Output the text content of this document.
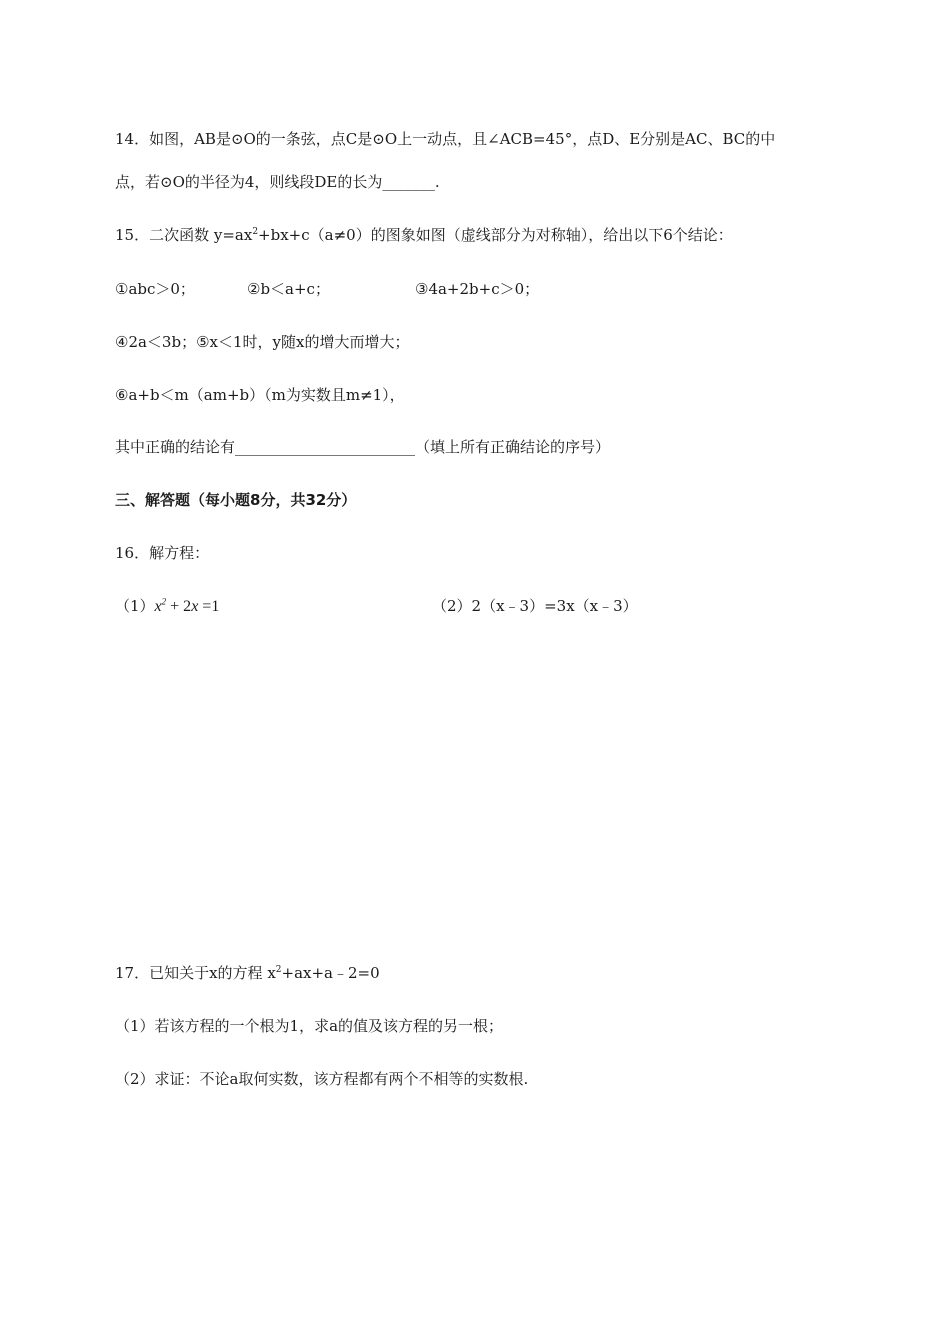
14．如图，AB是⊙O的一条弦，点C是⊙O上一动点，且∠ACB=45°，点D、E分别是AC、BC的中
点，若⊙O的半径为4，则线段DE的长为_______.
15．二次函数 $y=ax^2+bx+c(a\ne 0)$的图象如图（虚线部分为对称轴），给出以下6个结论：
①abc＞0；	②b＜a+c；	③4a+2b+c＞0；
④2a＜3b；⑤x＜1时，y随x的增大而增大；
⑥a+b＜m（am+b）（m为实数且m≠1），
其中正确的结论有________________________（填上所有正确结论的序号）
三、解答题（每小题8分，共32分）
16．解方程：
$(1)x^2 + 2x =1$	（2）2（x﹣3）=3x（x﹣3）
17．已知关于x的方程 $x^2+ax+a﹣2=0$
（1）若该方程的一个根为1，求a的值及该方程的另一根；
（2）求证：不论a取何实数，该方程都有两个不相等的实数根.
